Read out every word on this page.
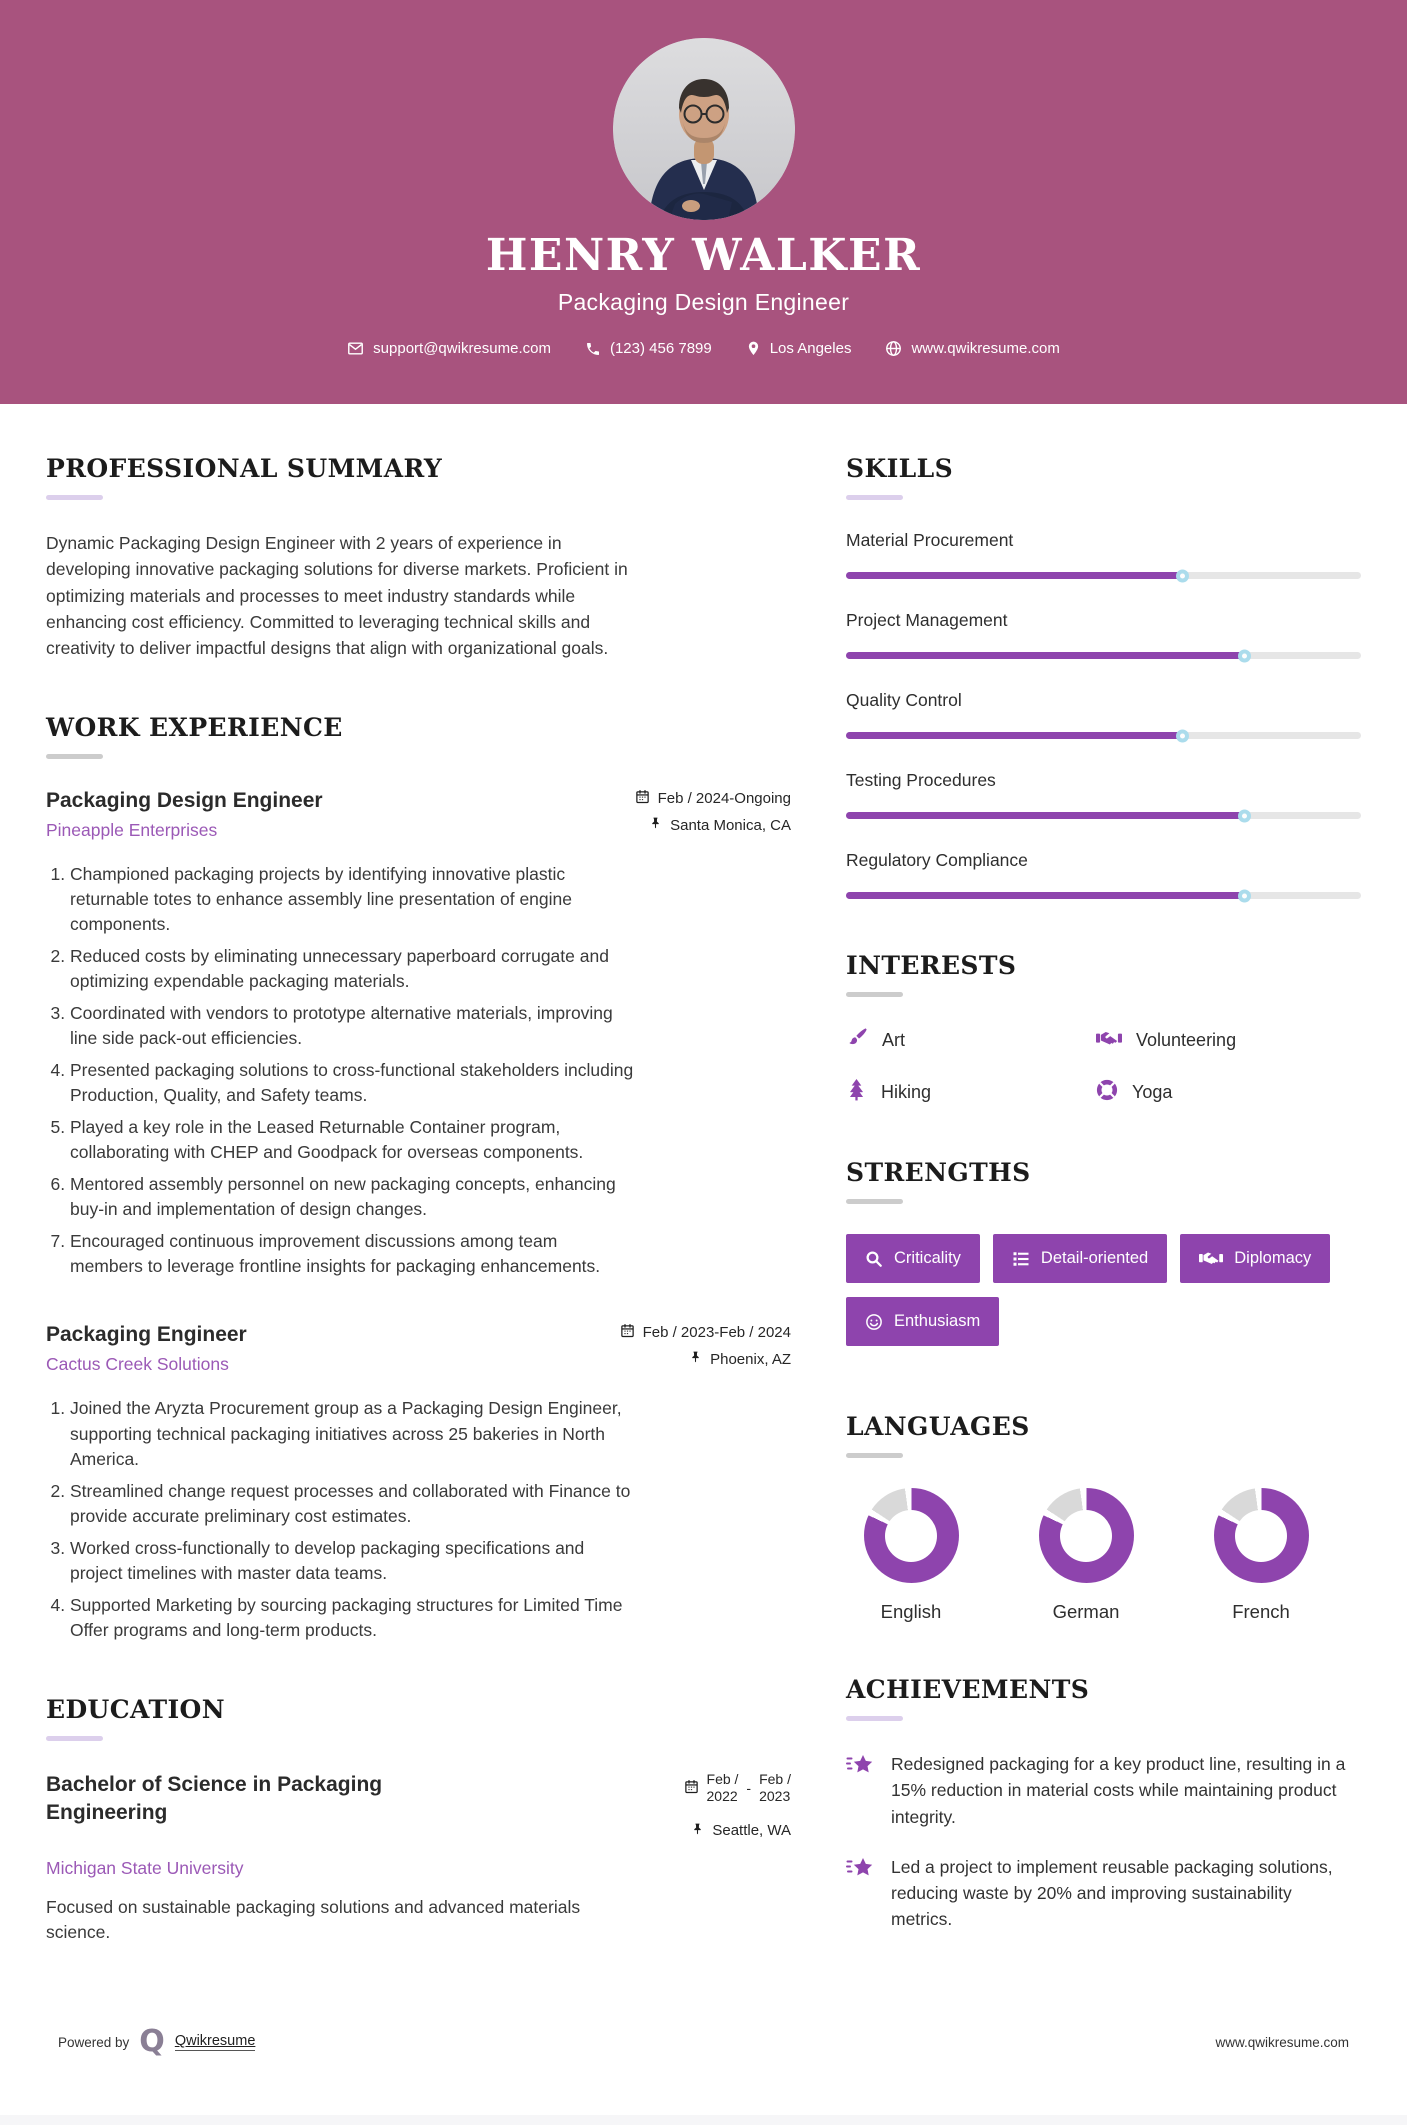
HENRY WALKER
Packaging Design Engineer
support@qwikresume.com	(123) 456 7899	Los Angeles	www.qwikresume.com
PROFESSIONAL SUMMARY

Dynamic Packaging Design Engineer with 2 years of experience in developing innovative packaging solutions for diverse markets. Proficient in optimizing materials and processes to meet industry standards while enhancing cost efficiency. Committed to leveraging technical skills and creativity to deliver impactful designs that align with organizational goals.

WORK EXPERIENCE
Packaging Design Engineer
Pineapple Enterprises
Feb / 2024-Ongoing
Santa Monica, CA
1. Championed packaging projects by identifying innovative plastic returnable totes to enhance assembly line presentation of engine components.
2. Reduced costs by eliminating unnecessary paperboard corrugate and optimizing expendable packaging materials.
3. Coordinated with vendors to prototype alternative materials, improving line side pack-out efficiencies.
4. Presented packaging solutions to cross-functional stakeholders including Production, Quality, and Safety teams.
5. Played a key role in the Leased Returnable Container program, collaborating with CHEP and Goodpack for overseas components.
6. Mentored assembly personnel on new packaging concepts, enhancing buy-in and implementation of design changes.
7. Encouraged continuous improvement discussions among team members to leverage frontline insights for packaging enhancements.
Packaging Engineer
Cactus Creek Solutions
Feb / 2023-Feb / 2024
Phoenix, AZ
1. Joined the Aryzta Procurement group as a Packaging Design Engineer, supporting technical packaging initiatives across 25 bakeries in North America.
2. Streamlined change request processes and collaborated with Finance to provide accurate preliminary cost estimates.
3. Worked cross-functionally to develop packaging specifications and project timelines with master data teams.
4. Supported Marketing by sourcing packaging structures for Limited Time Offer programs and long-term products.
EDUCATION
Bachelor of Science in Packaging Engineering
Feb /
2022 -
Feb /
2023
Seattle, WA
Michigan State University

Focused on sustainable packaging solutions and advanced materials science.

SKILLS
Material Procurement
Project Management
Quality Control
Testing Procedures
Regulatory Compliance
INTERESTS
Art	Volunteering
Hiking	Yoga
STRENGTHS
Criticality	Detail-oriented	Diplomacy
Enthusiasm
LANGUAGES
English	German	French
ACHIEVEMENTS
Redesigned packaging for a key product line, resulting in a 15% reduction in material costs while maintaining product integrity.
Led a project to implement reusable packaging solutions, reducing waste by 20% and improving sustainability metrics.
Powered by Q Qwikresume	www.qwikresume.com
